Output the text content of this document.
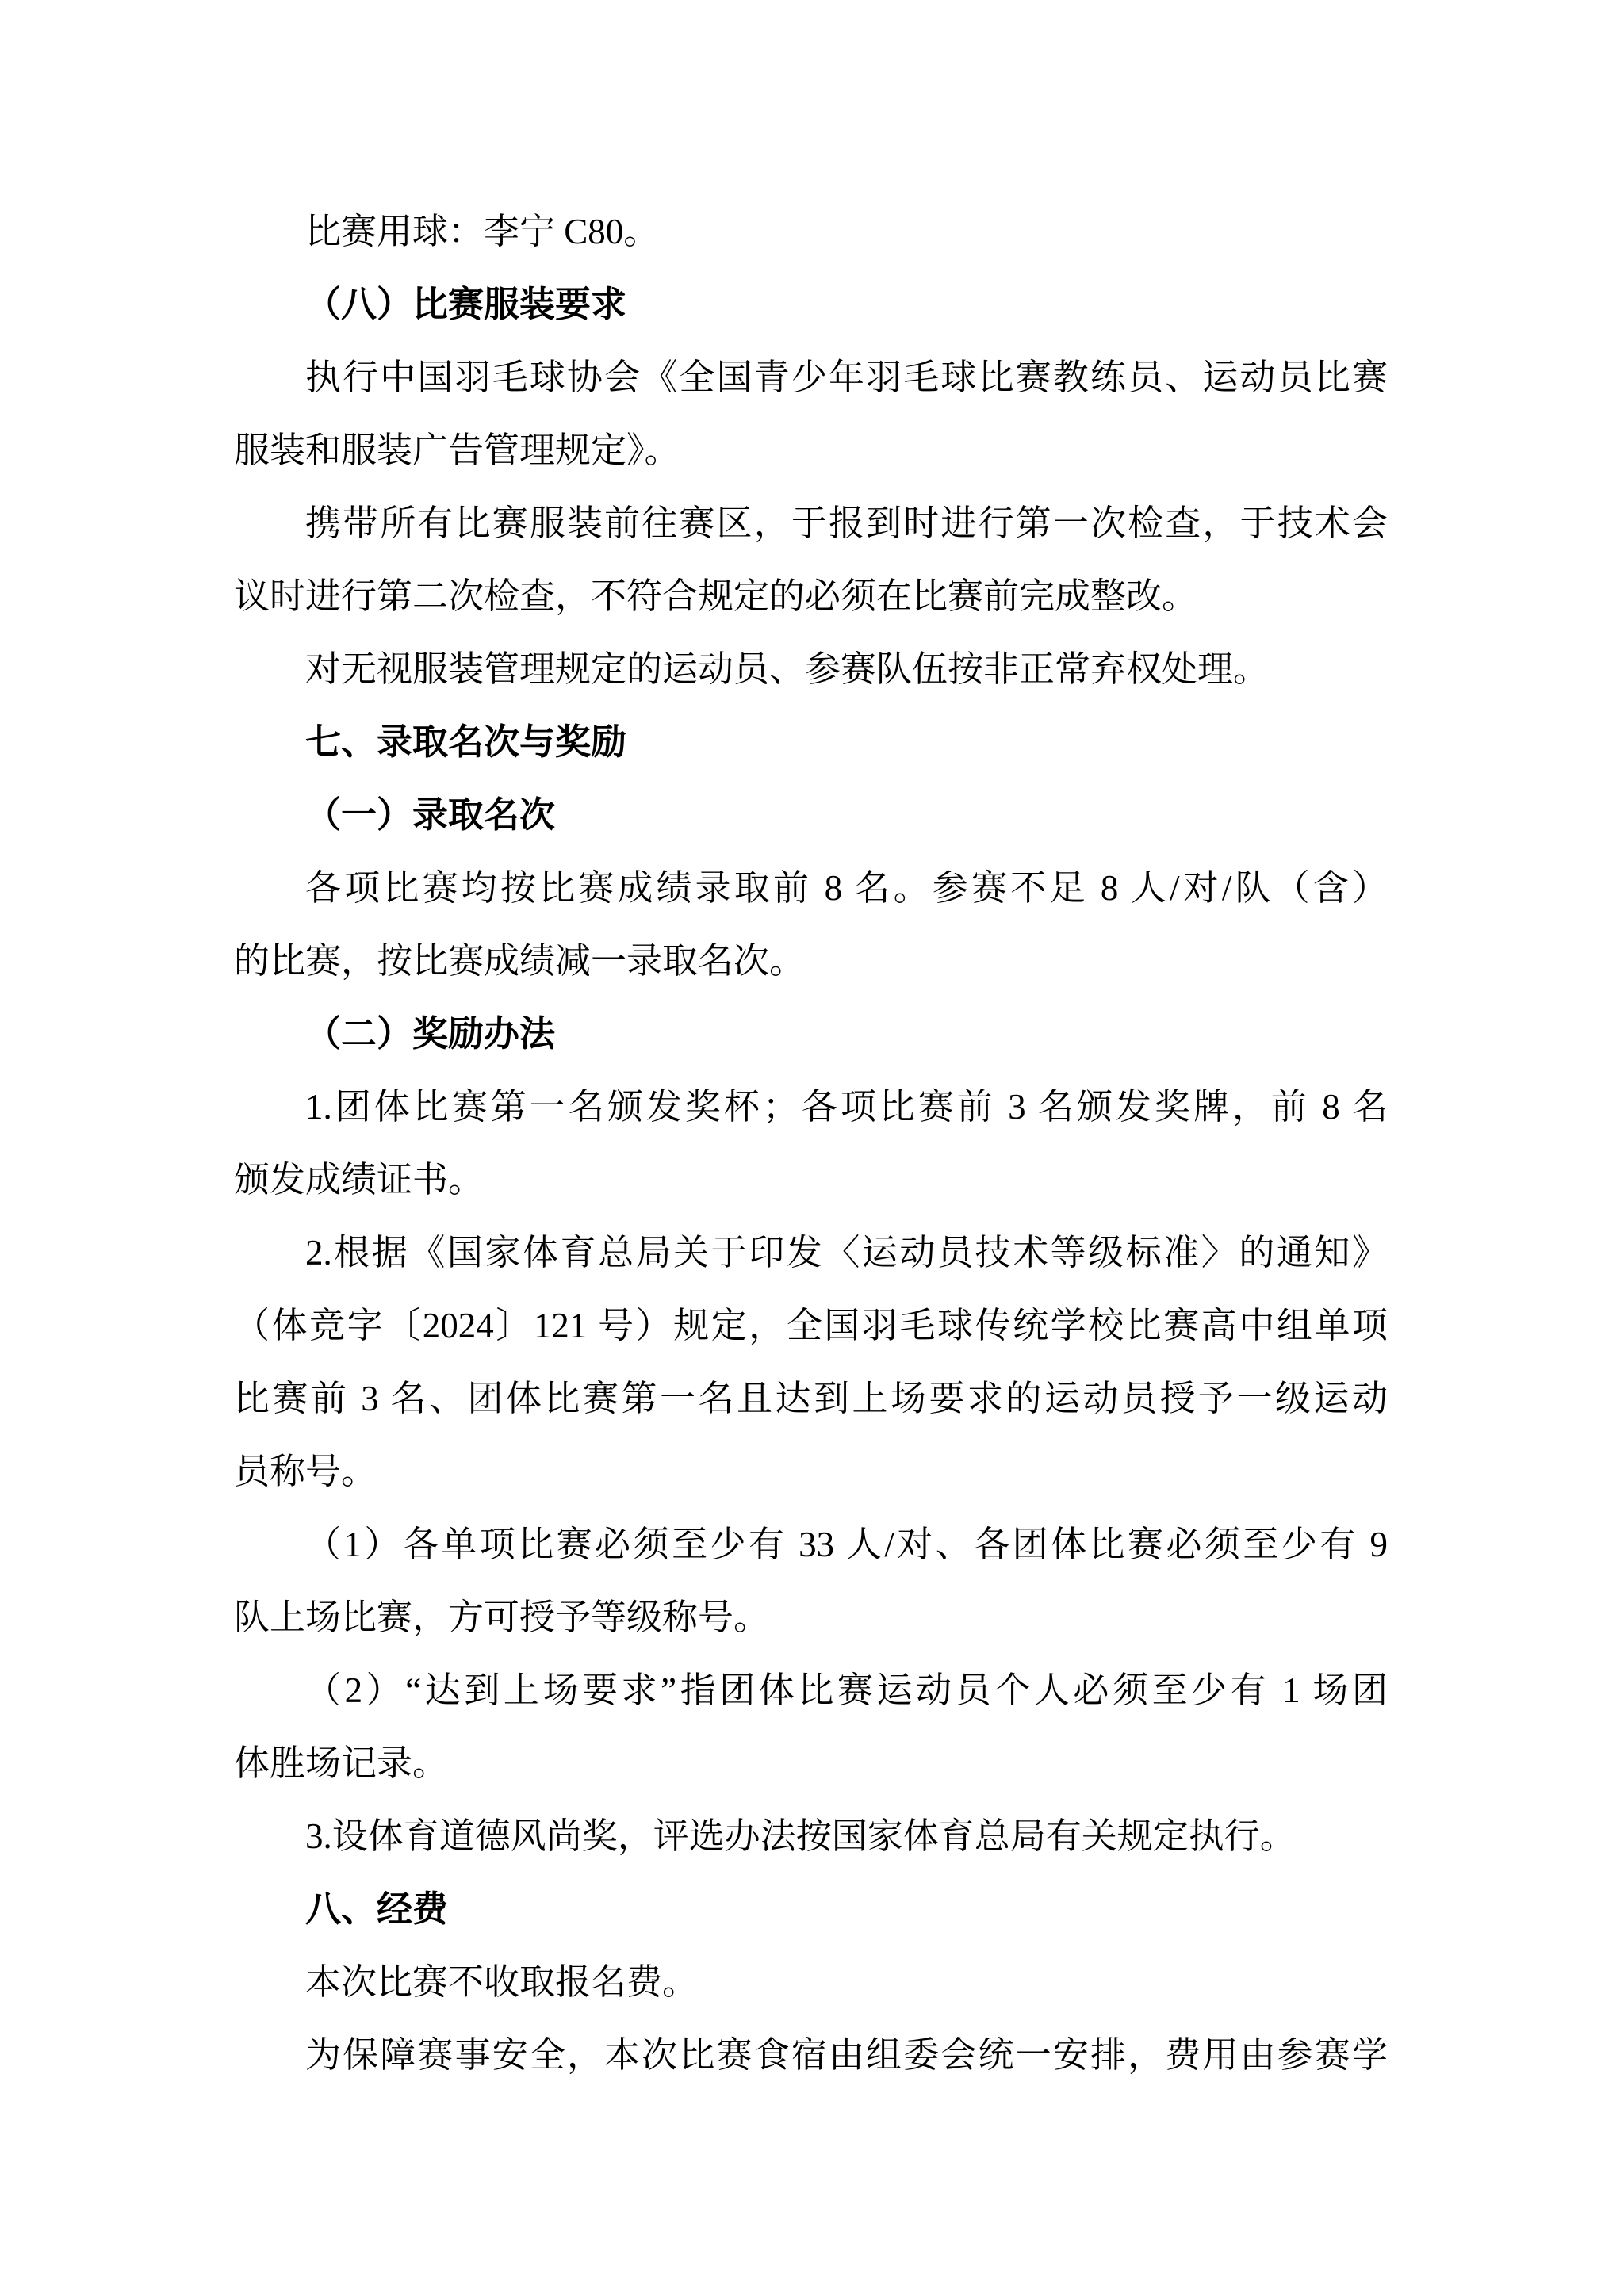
比赛用球：李宁 C80。
（八）比赛服装要求
执行中国羽毛球协会《全国青少年羽毛球比赛教练员、运动员比赛
服装和服装广告管理规定》。
携带所有比赛服装前往赛区，于报到时进行第一次检查，于技术会
议时进行第二次检查，不符合规定的必须在比赛前完成整改。
对无视服装管理规定的运动员、参赛队伍按非正常弃权处理。
七、录取名次与奖励
（一）录取名次
各项比赛均按比赛成绩录取前 8 名。参赛不足 8 人/对/队（含）
的比赛，按比赛成绩减一录取名次。
（二）奖励办法
1.团体比赛第一名颁发奖杯；各项比赛前 3 名颁发奖牌，前 8 名
颁发成绩证书。
2.根据《国家体育总局关于印发〈运动员技术等级标准〉的通知》
（体竞字〔2024〕121 号）规定，全国羽毛球传统学校比赛高中组单项
比赛前 3 名、团体比赛第一名且达到上场要求的运动员授予一级运动
员称号。
（1）各单项比赛必须至少有 33 人/对、各团体比赛必须至少有 9
队上场比赛，方可授予等级称号。
（2）“达到上场要求”指团体比赛运动员个人必须至少有 1 场团
体胜场记录。
3.设体育道德风尚奖，评选办法按国家体育总局有关规定执行。
八、经费
本次比赛不收取报名费。
为保障赛事安全，本次比赛食宿由组委会统一安排，费用由参赛学
